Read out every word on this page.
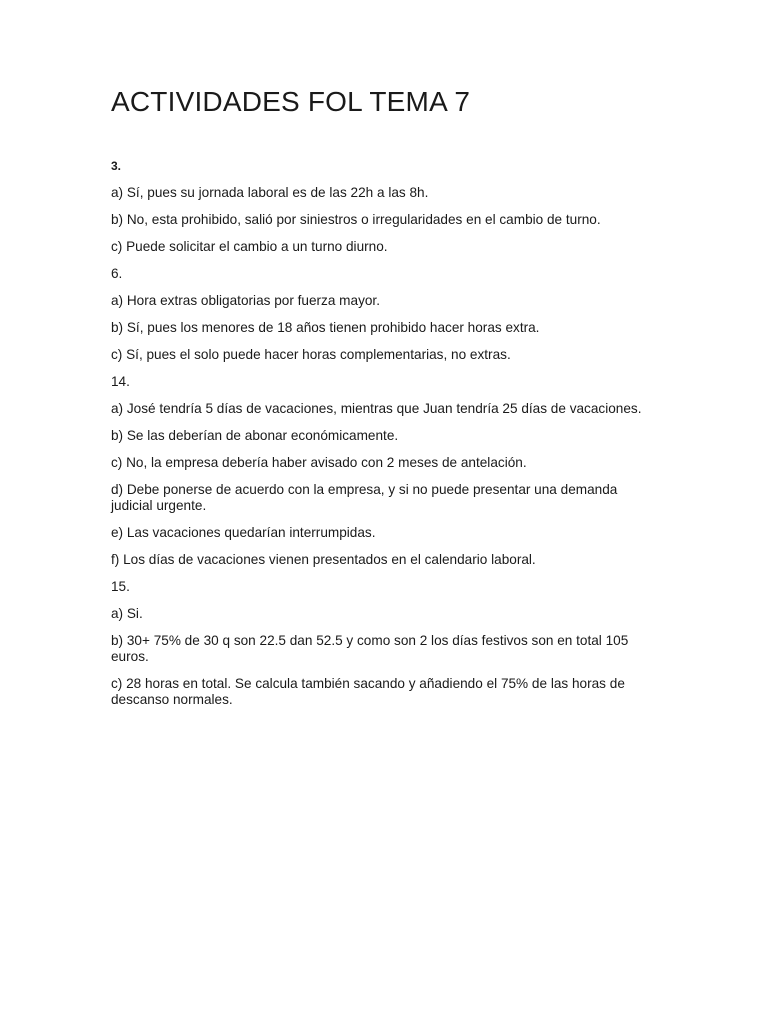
ACTIVIDADES FOL TEMA 7

3.

a) Sí, pues su jornada laboral es de las 22h a las 8h.

b) No, esta prohibido, salió por siniestros o irregularidades en el cambio de turno.

c) Puede solicitar el cambio a un turno diurno.

6.

a) Hora extras obligatorias por fuerza mayor.

b) Sí, pues los menores de 18 años tienen prohibido hacer horas extra.

c) Sí, pues el solo puede hacer horas complementarias, no extras.

14.

a) José tendría 5 días de vacaciones, mientras que Juan tendría 25 días de vacaciones.

b) Se las deberían de abonar económicamente.

c) No, la empresa debería haber avisado con 2 meses de antelación.

d) Debe ponerse de acuerdo con la empresa, y si no puede presentar una demanda judicial urgente.

e) Las vacaciones quedarían interrumpidas.

f) Los días de vacaciones vienen presentados en el calendario laboral.

15.

a) Si.

b) 30+ 75% de 30 q son 22.5 dan 52.5 y como son 2 los días festivos son en total 105 euros.

c) 28 horas en total. Se calcula también sacando y añadiendo el 75% de las horas de descanso normales.
